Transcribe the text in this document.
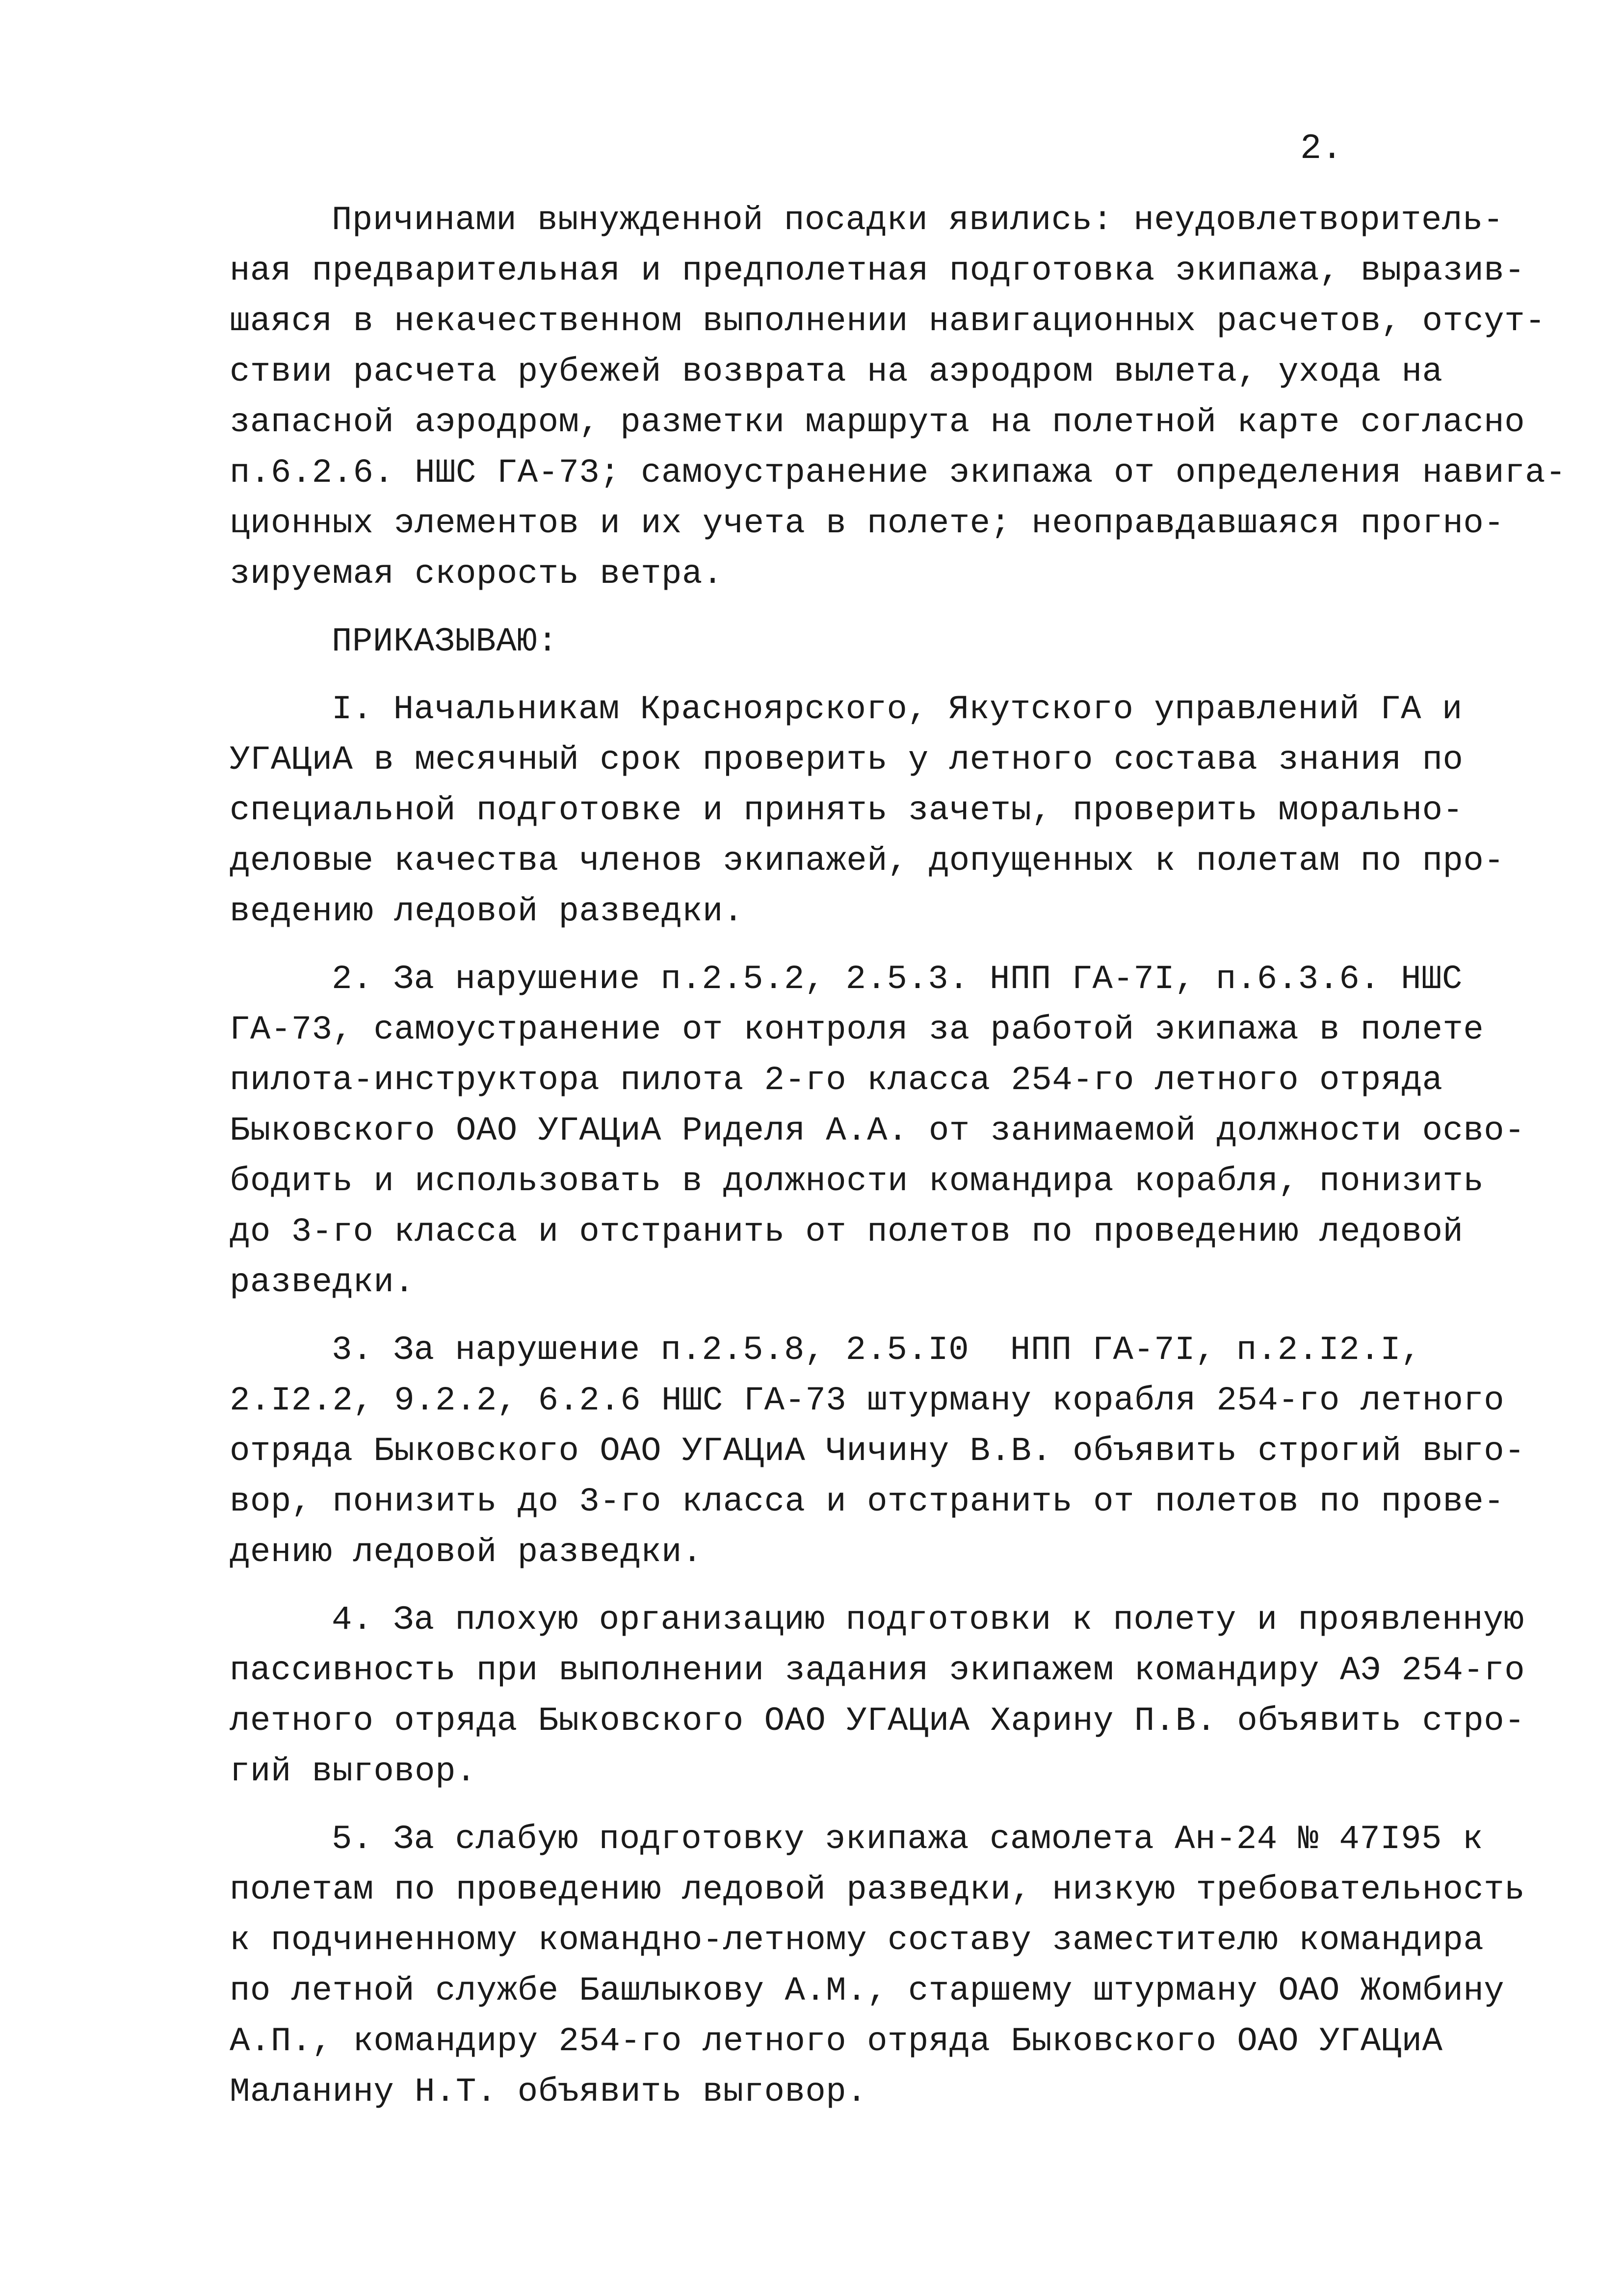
2.
Причинами вынужденной посадки явились: неудовлетворитель-
ная предварительная и предполетная подготовка экипажа, выразив-
шаяся в некачественном выполнении навигационных расчетов, отсут-
ствии расчета рубежей возврата на аэродром вылета, ухода на
запасной аэродром, разметки маршрута на полетной карте согласно
п.6.2.6. НШС ГА-73; самоустранение экипажа от определения навига-
ционных элементов и их учета в полете; неоправдавшаяся прогно-
зируемая скорость ветра.
ПРИКАЗЫВАЮ:
I. Начальникам Красноярского, Якутского управлений ГА и
УГАЦиА в месячный срок проверить у летного состава знания по
специальной подготовке и принять зачеты, проверить морально-
деловые качества членов экипажей, допущенных к полетам по про-
ведению ледовой разведки.
2. За нарушение п.2.5.2, 2.5.3. НПП ГА-7I, п.6.3.6. НШС
ГА-73, самоустранение от контроля за работой экипажа в полете
пилота-инструктора пилота 2-го класса 254-го летного отряда
Быковского ОАО УГАЦиА Риделя А.А. от занимаемой должности осво-
бодить и использовать в должности командира корабля, понизить
до 3-го класса и отстранить от полетов по проведению ледовой
разведки.
3. За нарушение п.2.5.8, 2.5.I0  НПП ГА-7I, п.2.I2.I,
2.I2.2, 9.2.2, 6.2.6 НШС ГА-73 штурману корабля 254-го летного
отряда Быковского ОАО УГАЦиА Чичину В.В. объявить строгий выго-
вор, понизить до 3-го класса и отстранить от полетов по прове-
дению ледовой разведки.
4. За плохую организацию подготовки к полету и проявленную
пассивность при выполнении задания экипажем командиру АЭ 254-го
летного отряда Быковского ОАО УГАЦиА Харину П.В. объявить стро-
гий выговор.
5. За слабую подготовку экипажа самолета Ан-24 № 47I95 к
полетам по проведению ледовой разведки, низкую требовательность
к подчиненному командно-летному составу заместителю командира
по летной службе Башлыкову А.М., старшему штурману ОАО Жомбину
А.П., командиру 254-го летного отряда Быковского ОАО УГАЦиА
Маланину Н.Т. объявить выговор.
